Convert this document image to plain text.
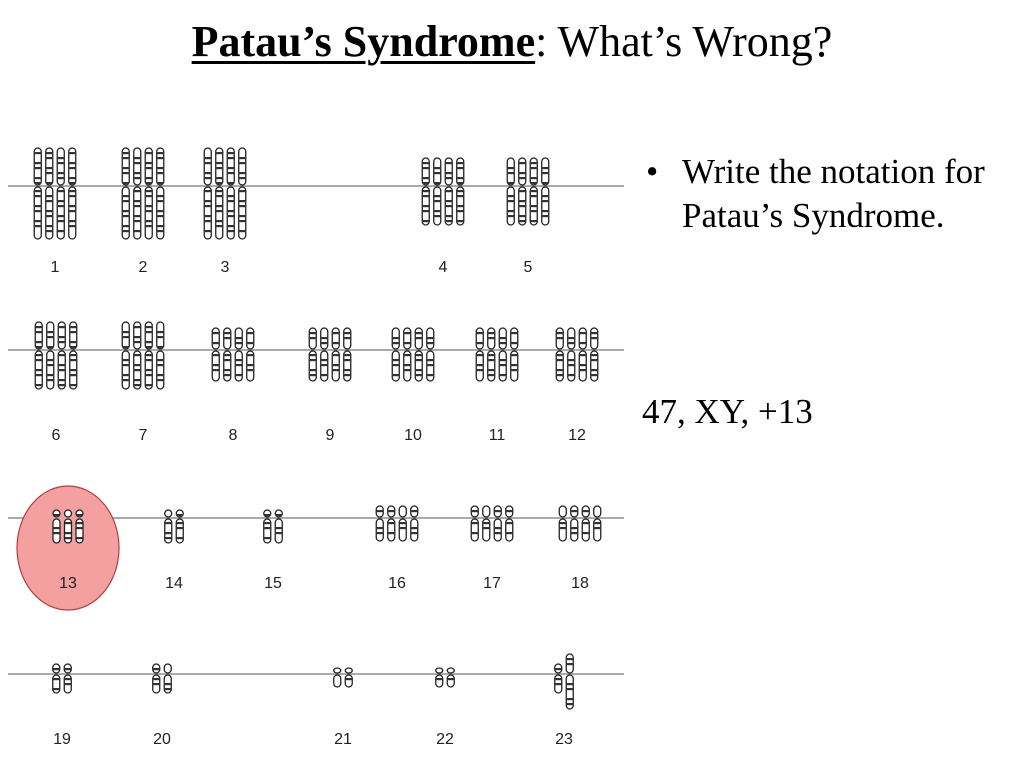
Patau’s Syndrome: What’s Wrong?
1	2	3	4	5
6	7	8	9	10	11	12
13	14	15	16	17	18
19	20	21	22	23
• Write the notation for Patau’s Syndrome.
47, XY, +13
